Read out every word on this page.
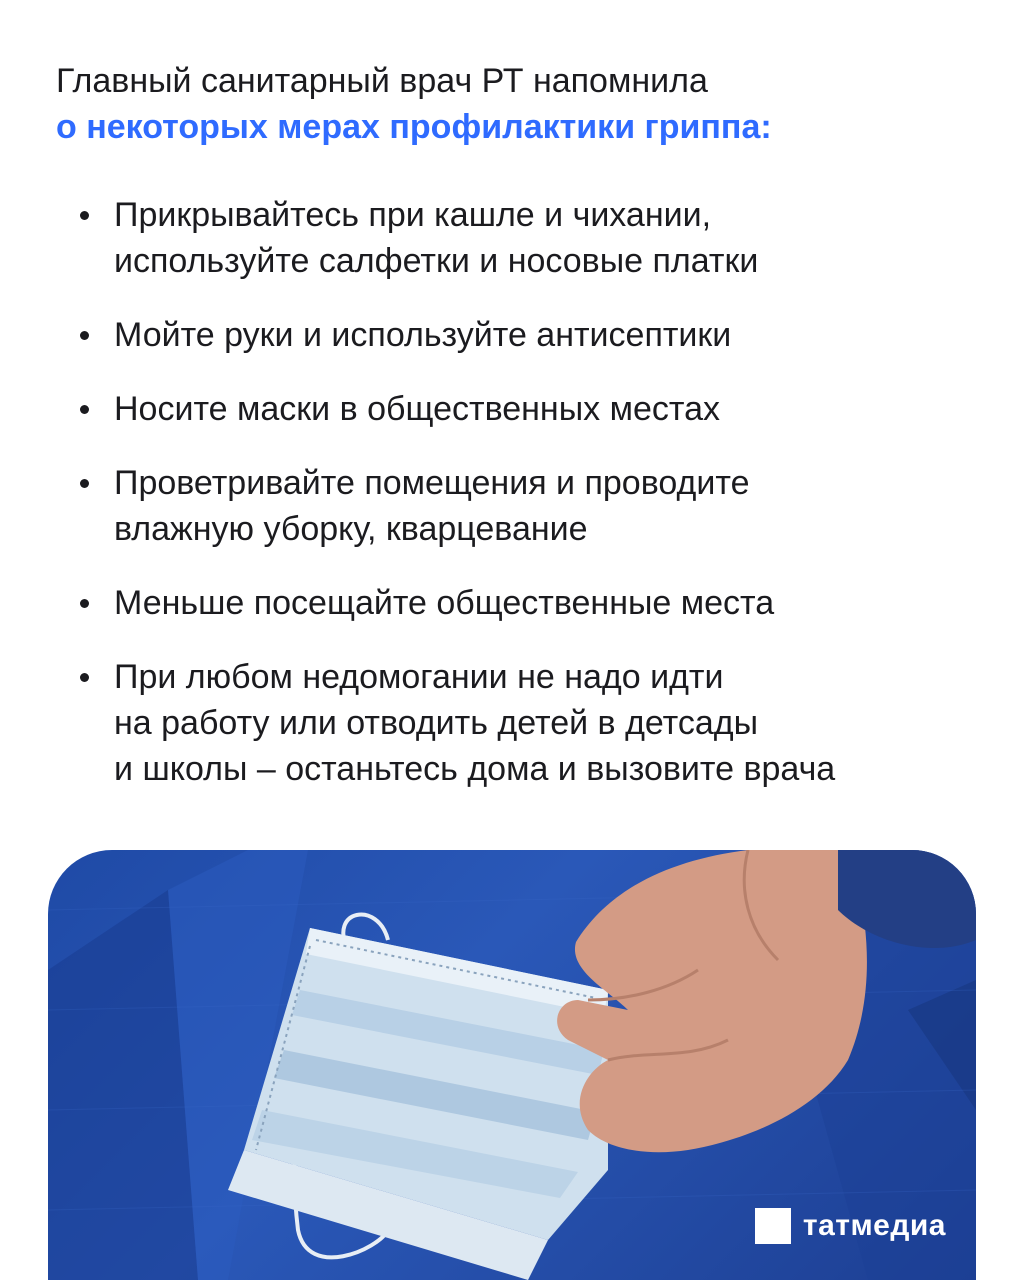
Главный санитарный врач РТ напомнила
о некоторых мерах профилактики гриппа:
Прикрывайтесь при кашле и чихании,
используйте салфетки и носовые платки
Мойте руки и используйте антисептики
Носите маски в общественных местах
Проветривайте помещения и проводите
влажную уборку, кварцевание
Меньше посещайте общественные места
При любом недомогании не надо идти
на работу или отводить детей в детсады
и школы – останьтесь дома и вызовите врача
татмедиа
